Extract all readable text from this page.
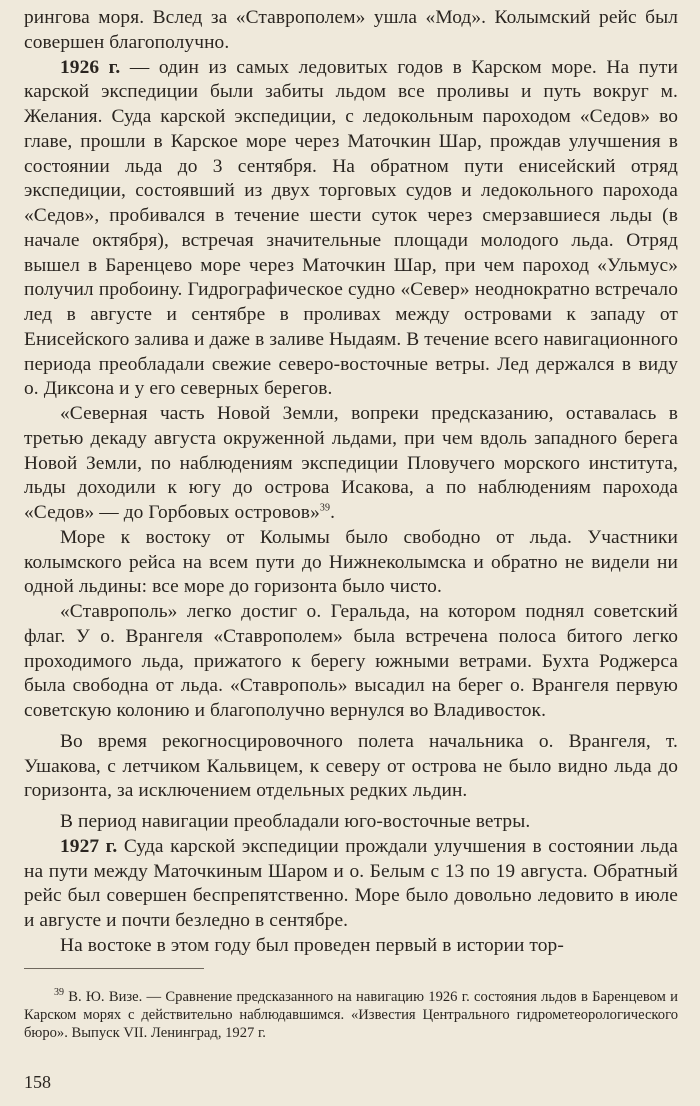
рингова моря. Вслед за «Ставрополем» ушла «Мод». Колымский рейс был совершен благополучно.

1926 г. — один из самых ледовитых годов в Карском море. На пути карской экспедиции были забиты льдом все проливы и путь вокруг м. Желания. Суда карской экспедиции, с ледокольным пароходом «Седов» во главе, прошли в Карское море через Маточкин Шар, прождав улучшения в состоянии льда до 3 сентября. На обратном пути енисейский отряд экспедиции, состоявший из двух торговых судов и ледокольного парохода «Седов», пробивался в течение шести суток через смерзавшиеся льды (в начале октября), встречая значительные площади молодого льда. Отряд вышел в Баренцево море через Маточкин Шар, при чем пароход «Ульмус» получил пробоину. Гидрографическое судно «Север» неоднократно встречало лед в августе и сентябре в проливах между островами к западу от Енисейского залива и даже в заливе Ныдаям. В течение всего навигационного периода преобладали свежие северо-восточные ветры. Лед держался в виду о. Диксона и у его северных берегов.

«Северная часть Новой Земли, вопреки предсказанию, оставалась в третью декаду августа окруженной льдами, при чем вдоль западного берега Новой Земли, по наблюдениям экспедиции Пловучего морского института, льды доходили к югу до острова Исакова, а по наблюдениям парохода «Седов» — до Горбовых островов»$^{39}$.

Море к востоку от Колымы было свободно от льда. Участники колымского рейса на всем пути до Нижнеколымска и обратно не видели ни одной льдины: все море до горизонта было чисто.

«Ставрополь» легко достиг о. Геральда, на котором поднял советский флаг. У о. Врангеля «Ставрополем» была встречена полоса битого легко проходимого льда, прижатого к берегу южными ветрами. Бухта Роджерса была свободна от льда. «Ставрополь» высадил на берег о. Врангеля первую советскую колонию и благополучно вернулся во Владивосток.

Во время рекогносцировочного полета начальника о. Врангеля, т. Ушакова, с летчиком Кальвицем, к северу от острова не было видно льда до горизонта, за исключением отдельных редких льдин.

В период навигации преобладали юго-восточные ветры.

1927 г. Суда карской экспедиции прождали улучшения в состоянии льда на пути между Маточкиным Шаром и о. Белым с 13 по 19 августа. Обратный рейс был совершен беспрепятственно. Море было довольно ледовито в июле и августе и почти безледно в сентябре.

На востоке в этом году был проведен первый в истории тор-

$^{39}$ В. Ю. Визе. — Сравнение предсказанного на навигацию 1926 г. состояния льдов в Баренцевом и Карском морях с действительно наблюдавшимся. «Известия Центрального гидрометеорологического бюро». Выпуск VII. Ленинград, 1927 г.
158
